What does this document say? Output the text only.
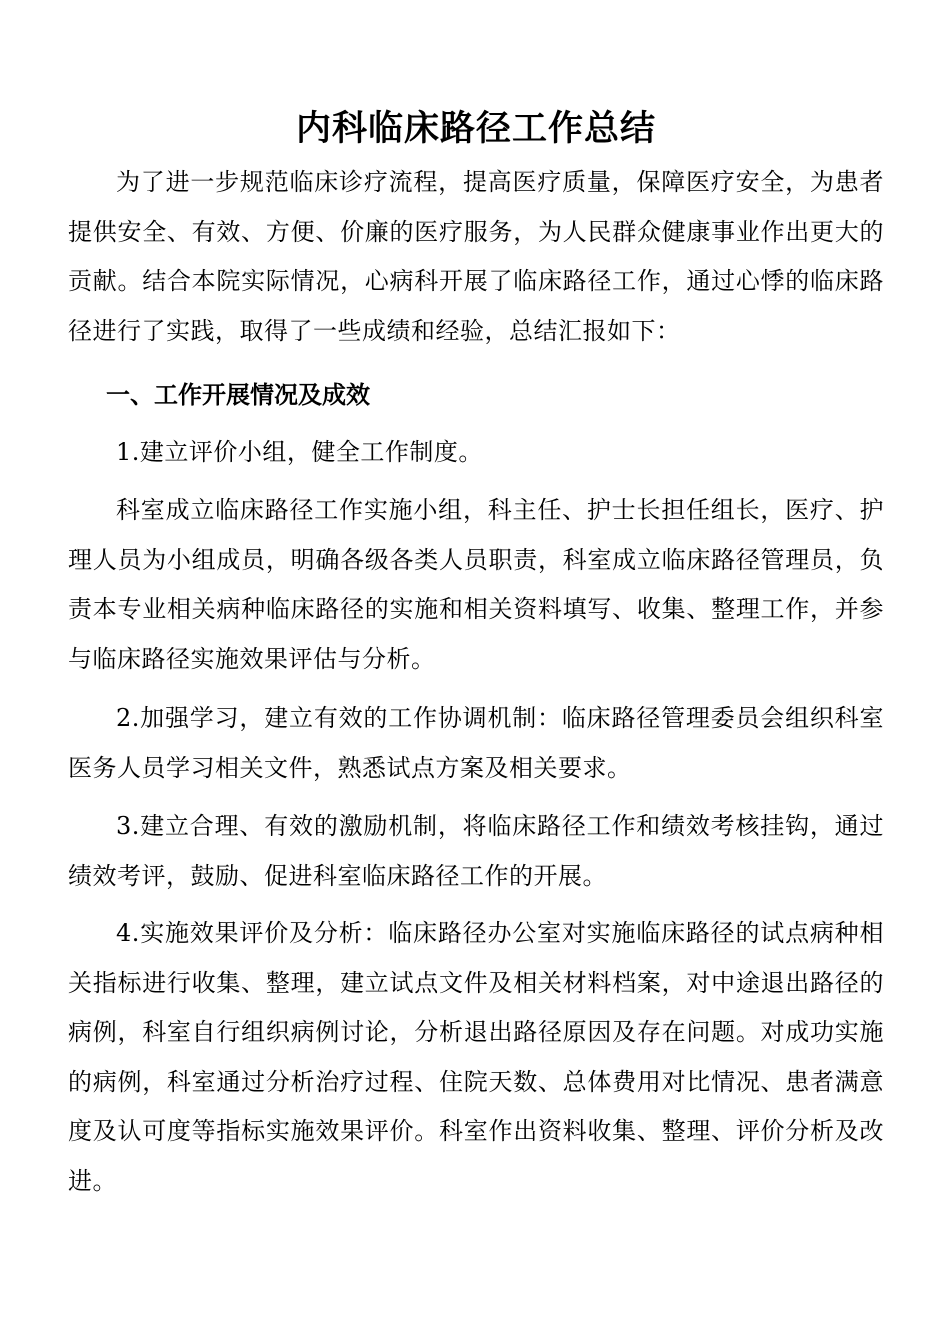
内科临床路径工作总结

为了进一步规范临床诊疗流程，提高医疗质量，保障医疗安全，为患者提供安全、有效、方便、价廉的医疗服务，为人民群众健康事业作出更大的贡献。结合本院实际情况，心病科开展了临床路径工作，通过心悸的临床路径进行了实践，取得了一些成绩和经验，总结汇报如下：

一、工作开展情况及成效

1.建立评价小组，健全工作制度。

科室成立临床路径工作实施小组，科主任、护士长担任组长，医疗、护理人员为小组成员，明确各级各类人员职责，科室成立临床路径管理员，负责本专业相关病种临床路径的实施和相关资料填写、收集、整理工作，并参与临床路径实施效果评估与分析。

2.加强学习，建立有效的工作协调机制：临床路径管理委员会组织科室医务人员学习相关文件，熟悉试点方案及相关要求。

3.建立合理、有效的激励机制，将临床路径工作和绩效考核挂钩，通过绩效考评，鼓励、促进科室临床路径工作的开展。

4.实施效果评价及分析：临床路径办公室对实施临床路径的试点病种相关指标进行收集、整理，建立试点文件及相关材料档案，对中途退出路径的病例，科室自行组织病例讨论，分析退出路径原因及存在问题。对成功实施的病例，科室通过分析治疗过程、住院天数、总体费用对比情况、患者满意度及认可度等指标实施效果评价。科室作出资料收集、整理、评价分析及改进。
